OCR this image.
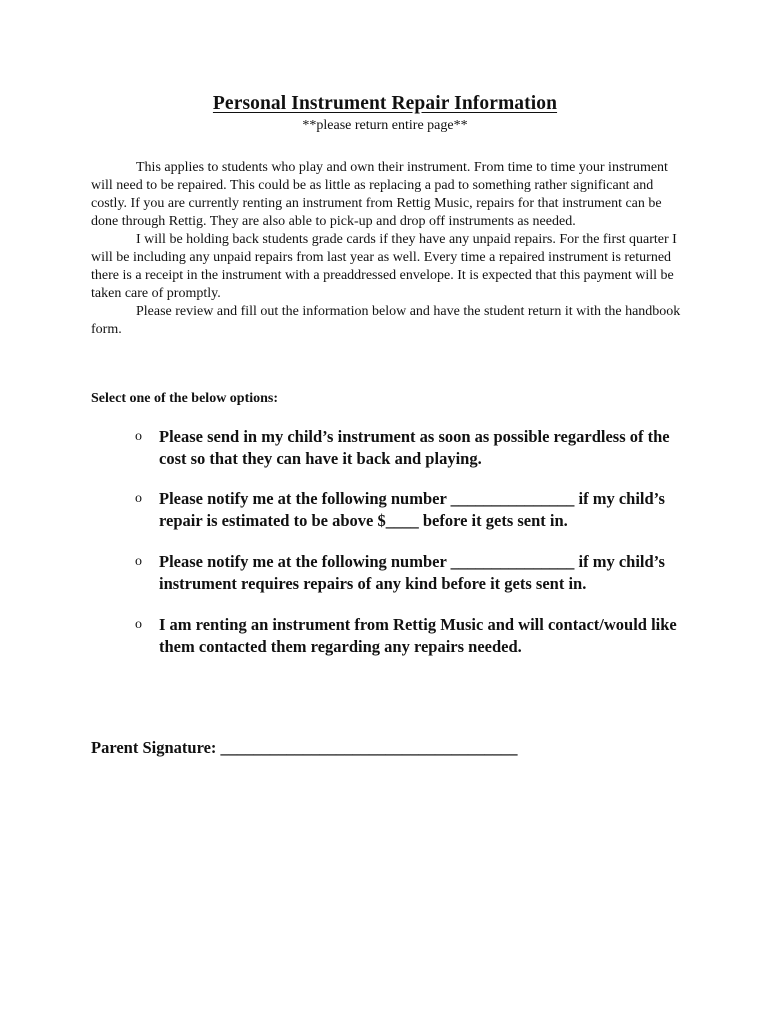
Personal Instrument Repair Information
**please return entire page**

This applies to students who play and own their instrument. From time to time your instrument will need to be repaired. This could be as little as replacing a pad to something rather significant and costly. If you are currently renting an instrument from Rettig Music, repairs for that instrument can be done through Rettig. They are also able to pick-up and drop off instruments as needed.

I will be holding back students grade cards if they have any unpaid repairs. For the first quarter I will be including any unpaid repairs from last year as well. Every time a repaired instrument is returned there is a receipt in the instrument with a preaddressed envelope. It is expected that this payment will be taken care of promptly.

Please review and fill out the information below and have the student return it with the handbook form.

Select one of the below options:
o Please send in my child’s instrument as soon as possible regardless of the cost so that they can have it back and playing.
o Please notify me at the following number _______________ if my child’s repair is estimated to be above $____ before it gets sent in.
o Please notify me at the following number _______________ if my child’s instrument requires repairs of any kind before it gets sent in.
o I am renting an instrument from Rettig Music and will contact/would like them contacted them regarding any repairs needed.
Parent Signature: ____________________________________
